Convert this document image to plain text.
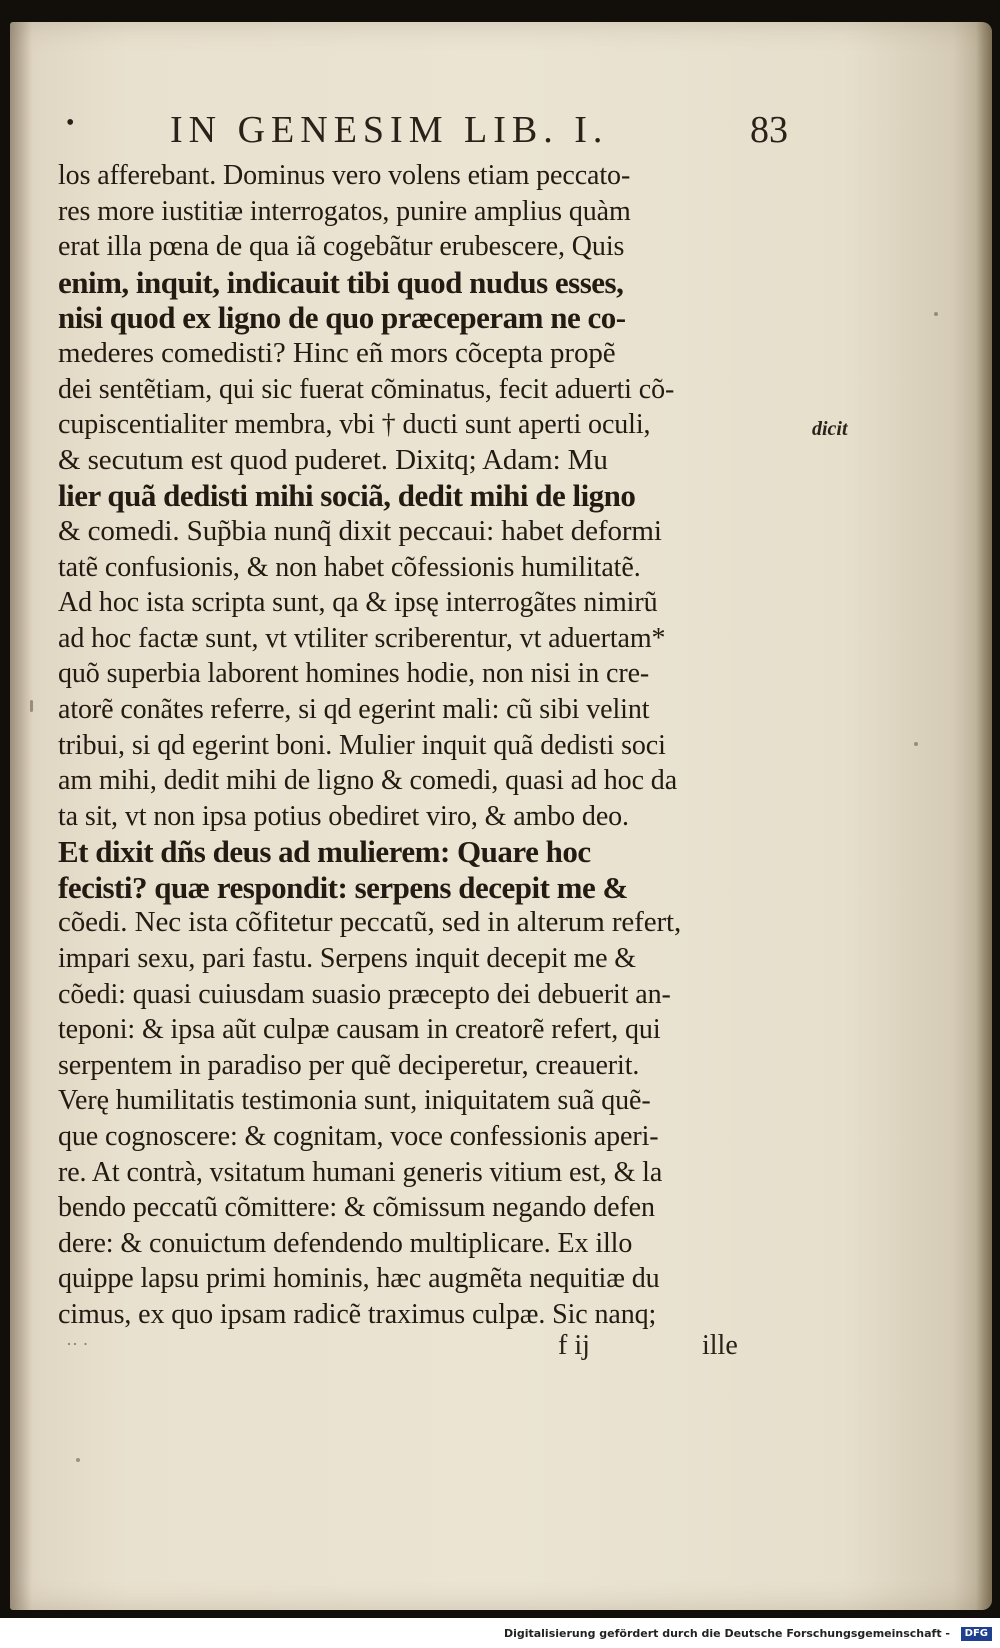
•	IN GENESIM LIB. I.	83
los afferebant. Dominus vero volens etiam peccato-
res more iustitiæ interrogatos, punire amplius quàm
erat illa pœna de qua iã cogebãtur erubescere, Quis
enim, inquit, indicauit tibi quod nudus esses,
nisi quod ex ligno de quo præceperam ne co-
mederes comedisti? Hinc eñ mors cõcepta propẽ
dei sentẽtiam, qui sic fuerat cõminatus, fecit aduerti cõ-
cupiscentialiter membra, vbi † ducti sunt aperti oculi,
& secutum est quod puderet. Dixitq; Adam: Mu
lier quã dedisti mihi sociã, dedit mihi de ligno
& comedi. Sup̃bia nunq̃ dixit peccaui: habet deformi
tatẽ confusionis, & non habet cõfessionis humilitatẽ.
Ad hoc ista scripta sunt, qa & ipsę interrogãtes nimirũ
ad hoc factæ sunt, vt vtiliter scriberentur, vt aduertam*
quõ superbia laborent homines hodie, non nisi in cre-
atorẽ conãtes referre, si qd egerint mali: cũ sibi velint
tribui, si qd egerint boni. Mulier inquit quã dedisti soci
am mihi, dedit mihi de ligno & comedi, quasi ad hoc da
ta sit, vt non ipsa potius obediret viro, & ambo deo.
Et dixit dñs deus ad mulierem: Quare hoc
fecisti? quæ respondit: serpens decepit me &
cõedi. Nec ista cõfitetur peccatũ, sed in alterum refert,
impari sexu, pari fastu. Serpens inquit decepit me &
cõedi: quasi cuiusdam suasio præcepto dei debuerit an-
teponi: & ipsa aũt culpæ causam in creatorẽ refert, qui
serpentem in paradiso per quẽ deciperetur, creauerit.
Verę humilitatis testimonia sunt, iniquitatem suã quẽ-
que cognoscere: & cognitam, voce confessionis aperi-
re. At contrà, vsitatum humani generis vitium est, & la
bendo peccatũ cõmittere: & cõmissum negando defen
dere: & conuictum defendendo multiplicare. Ex illo
quippe lapsu primi hominis, hæc augmẽta nequitiæ du
cimus, ex quo ipsam radicẽ traximus culpæ. Sic nanq;
dicit
·· ·	f ij	ille
Digitalisierung gefördert durch die Deutsche Forschungsgemeinschaft -	DFG
